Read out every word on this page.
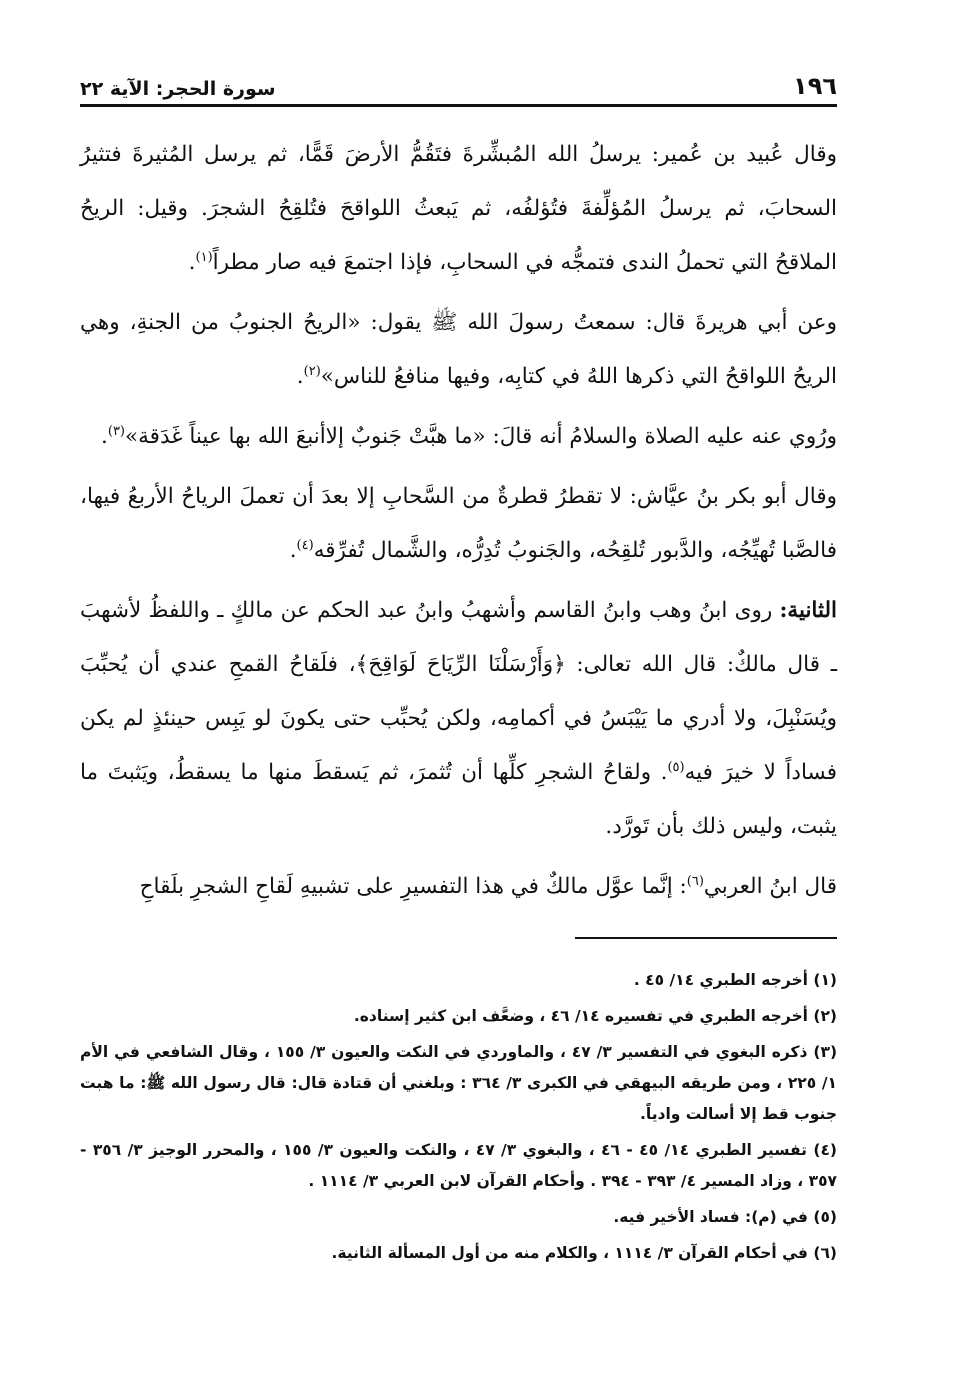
١٩٦
سورة الحجر: الآية ٢٢

وقال عُبيد بن عُمير: يرسلُ الله المُبشِّرةَ فتَقُمُّ الأرضَ قَمًّا، ثم يرسل المُثيرةَ فتثيرُ السحابَ، ثم يرسلُ المُؤلِّفةَ فتُؤلفُه، ثم يَبعثُ اللواقحَ فتُلقِحُ الشجرَ. وقيل: الريحُ الملاقحُ التي تحملُ الندى فتمجُّه في السحابِ، فإذا اجتمعَ فيه صار مطراً$^{(١)}$.

وعن أبي هريرةَ قال: سمعتُ رسولَ الله ﷺ يقول: «الريحُ الجنوبُ من الجنةِ، وهي الريحُ اللواقحُ التي ذكرها اللهُ في كتابِه، وفيها منافعُ للناس»$^{(٢)}$.

ورُوي عنه عليه الصلاة والسلامُ أنه قالَ: «ما هبَّتْ جَنوبٌ إلاأنبعَ الله بها عيناً غَدَقة»$^{(٣)}$.

وقال أبو بكر بنُ عيَّاش: لا تقطرُ قطرةٌ من السَّحابِ إلا بعدَ أن تعملَ الرياحُ الأربعُ فيها، فالصَّبا تُهيِّجُه، والدَّبور تُلقِحُه، والجَنوبُ تُدِرُّه، والشَّمال تُفرِّقه$^{(٤)}$.

الثانية: روى ابنُ وهب وابنُ القاسم وأشهبُ وابنُ عبد الحكم عن مالكٍ ـ واللفظُ لأشهبَ ـ قال مالكٌ: قال الله تعالى: ﴿وَأَرْسَلْنَا الرِّيَاحَ لَوَاقِحَ﴾، فلَقاحُ القمحِ عندي أن يُحبِّبَ ويُسَنْبِلَ، ولا أدري ما يَيْبَسُ في أكمامِه، ولكن يُحبِّب حتى يكونَ لو يَبِس حينئذٍ لم يكن فساداً لا خيرَ فيه$^{(٥)}$. ولقاحُ الشجرِ كلِّها أن تُثمرَ، ثم يَسقطَ منها ما يسقطُ، ويَثبتَ ما يثبت، وليس ذلك بأن تَورَّد.

قال ابنُ العربي$^{(٦)}$: إنَّما عوَّل مالكٌ في هذا التفسيرِ على تشبيهِ لَقاحِ الشجرِ بلَقاحِ

(١) أخرجه الطبري ١٤/ ٤٥ .
(٢) أخرجه الطبري في تفسيره ١٤/ ٤٦ ، وضعَّف ابن كثير إسناده.
(٣) ذكره البغوي في التفسير ٣/ ٤٧ ، والماوردي في النكت والعيون ٣/ ١٥٥ ، وقال الشافعي في الأم ١/ ٢٢٥ ، ومن طريقه البيهقي في الكبرى ٣/ ٣٦٤ : وبلغني أن قتادة قال: قال رسول الله ﷺ: ما هبت جنوب قط إلا أسالت وادياً.
(٤) تفسير الطبري ١٤/ ٤٥ - ٤٦ ، والبغوي ٣/ ٤٧ ، والنكت والعيون ٣/ ١٥٥ ، والمحرر الوجيز ٣/ ٣٥٦ - ٣٥٧ ، وزاد المسير ٤/ ٣٩٣ - ٣٩٤ . وأحكام القرآن لابن العربي ٣/ ١١١٤ .
(٥) في (م): فساد الأخير فيه.
(٦) في أحكام القرآن ٣/ ١١١٤ ، والكلام منه من أول المسألة الثانية.
